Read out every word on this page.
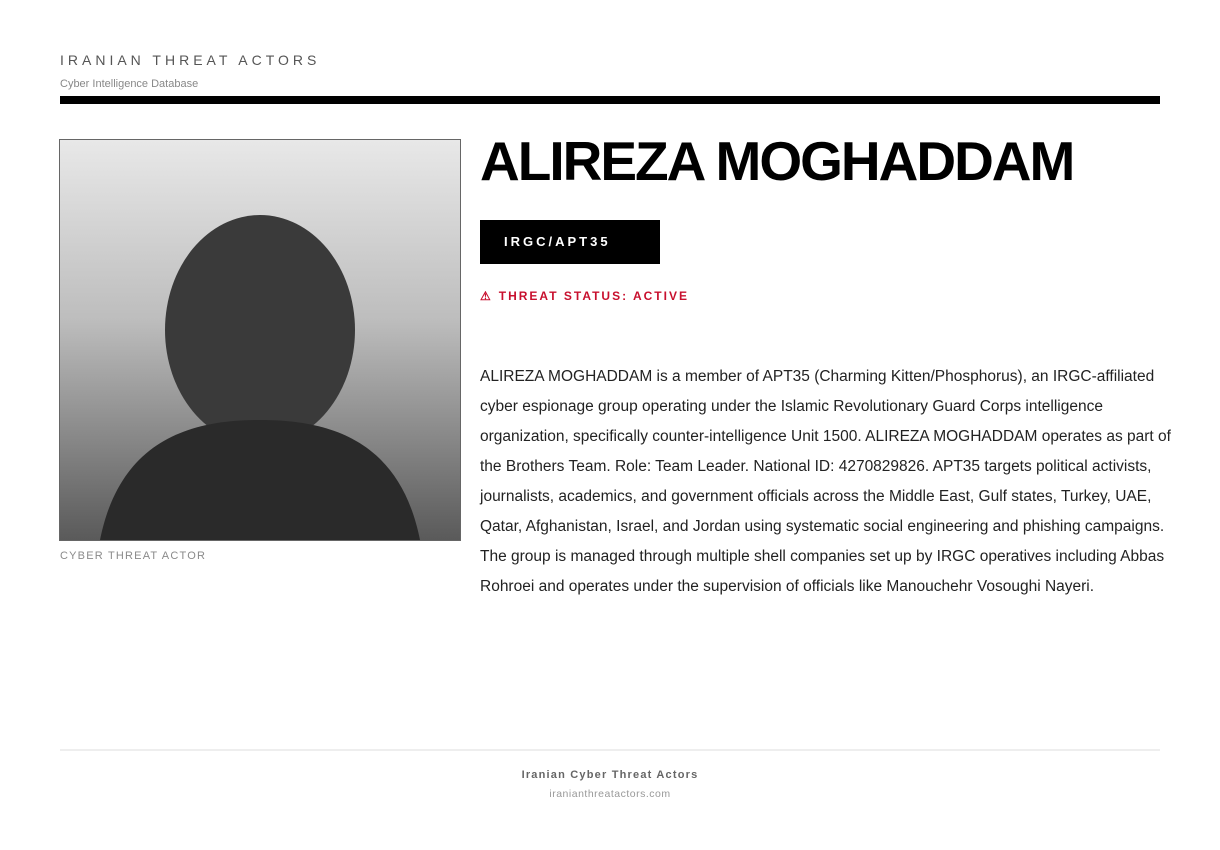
IRANIAN THREAT ACTORS
Cyber Intelligence Database
CYBER THREAT ACTOR
ALIREZA MOGHADDAM
IRGC/APT35
⚠ THREAT STATUS: ACTIVE
ALIREZA MOGHADDAM is a member of APT35 (Charming Kitten/Phosphorus), an IRGC-affiliated cyber espionage group operating under the Islamic Revolutionary Guard Corps intelligence organization, specifically counter-intelligence Unit 1500. ALIREZA MOGHADDAM operates as part of the Brothers Team. Role: Team Leader. National ID: 4270829826. APT35 targets political activists, journalists, academics, and government officials across the Middle East, Gulf states, Turkey, UAE, Qatar, Afghanistan, Israel, and Jordan using systematic social engineering and phishing campaigns. The group is managed through multiple shell companies set up by IRGC operatives including Abbas Rohroei and operates under the supervision of officials like Manouchehr Vosoughi Nayeri.
Iranian Cyber Threat Actors
iranianthreatactors.com
